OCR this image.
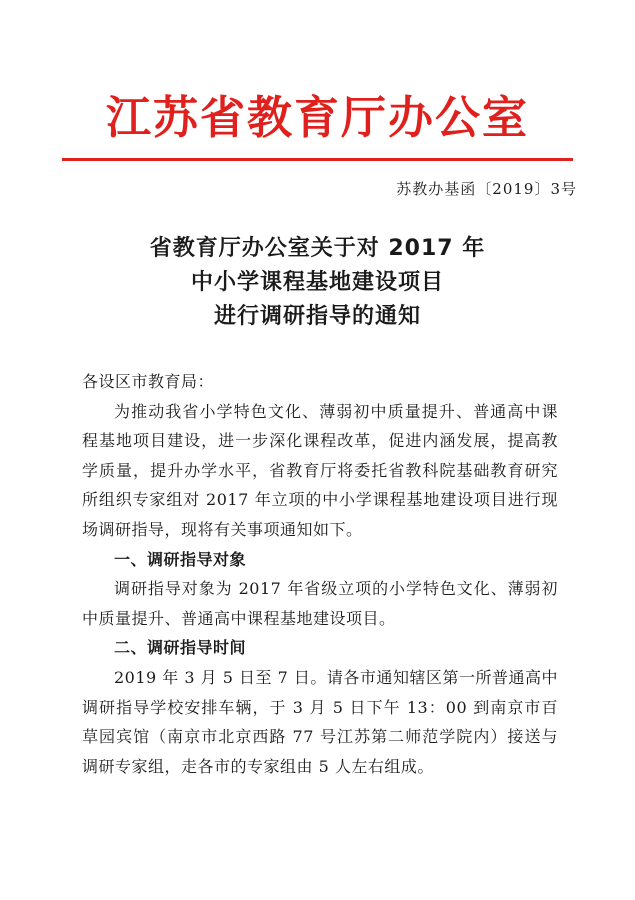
江苏省教育厅办公室
苏教办基函〔2019〕3号
省教育厅办公室关于对 2017 年
中小学课程基地建设项目
进行调研指导的通知

各设区市教育局：

为推动我省小学特色文化、薄弱初中质量提升、普通高中课程基地项目建设，进一步深化课程改革，促进内涵发展，提高教学质量，提升办学水平，省教育厅将委托省教科院基础教育研究所组织专家组对 2017 年立项的中小学课程基地建设项目进行现场调研指导，现将有关事项通知如下。

一、调研指导对象

调研指导对象为 2017 年省级立项的小学特色文化、薄弱初中质量提升、普通高中课程基地建设项目。

二、调研指导时间

2019 年 3 月 5 日至 7 日。请各市通知辖区第一所普通高中调研指导学校安排车辆，于 3 月 5 日下午 13：00 到南京市百草园宾馆（南京市北京西路 77 号江苏第二师范学院内）接送与调研专家组，走各市的专家组由 5 人左右组成。
